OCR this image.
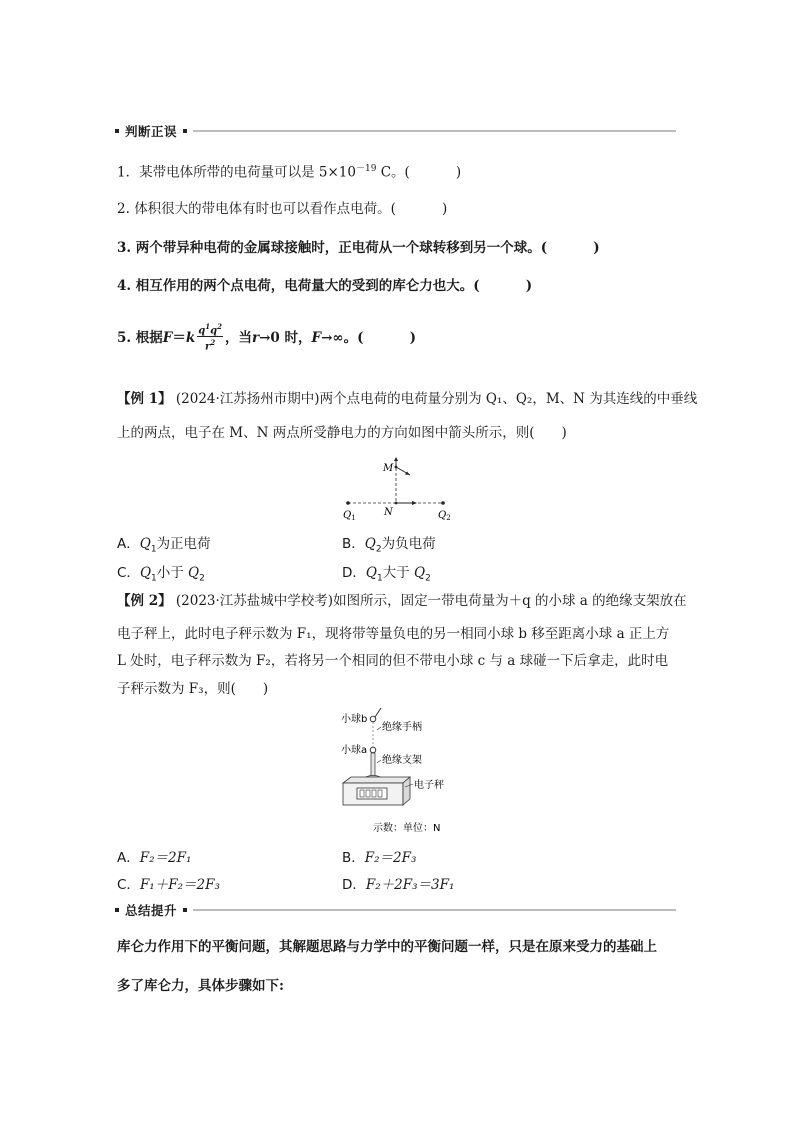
判断正误
1．某带电体所带的电荷量可以是 $5\times 10^{-19}$ C。(	)
2. 体积很大的带电体有时也可以看作点电荷。(	)
3. 两个带异种电荷的金属球接触时，正电荷从一个球转移到另一个球。(	)
4. 相互作用的两个点电荷，电荷量大的受到的库仑力也大。(	)
5.
根据 F ＝ k $\frac{q^1q^2}{r^2}$ ，当 r →0 时， F →∞。(	)
【例 1】 (2024·江苏扬州市期中)两个点电荷的电荷量分别为 Q₁、Q₂，M、N 为其连线的中垂线
上的两点，电子在 M、N 两点所受静电力的方向如图中箭头所示，则(　　)
M
N
$Q_1$	$Q_2$
A．$Q_1$为正电荷	B．$Q_2$为负电荷
C．$Q_1$小于 $Q_2$	D．$Q_1$大于 $Q_2$
【例 2】 (2023·江苏盐城中学校考)如图所示，固定一带电荷量为＋q 的小球 a 的绝缘支架放在
电子秤上，此时电子秤示数为 F₁，现将带等量负电的另一相同小球 b 移至距离小球 a 正上方
L 处时，电子秤示数为 F₂，若将另一个相同的但不带电小球 c 与 a 球碰一下后拿走，此时电
子秤示数为 F₃，则(　　)
小球b
绝缘手柄
小球a
绝缘支架
电子秤
示数：单位：N
A．F₂＝2F₁	B．F₂＝2F₃
C．F₁＋F₂＝2F₃	D．F₂＋2F₃＝3F₁
总结提升
库仑力作用下的平衡问题，其解题思路与力学中的平衡问题一样，只是在原来受力的基础上
多了库仑力，具体步骤如下:
